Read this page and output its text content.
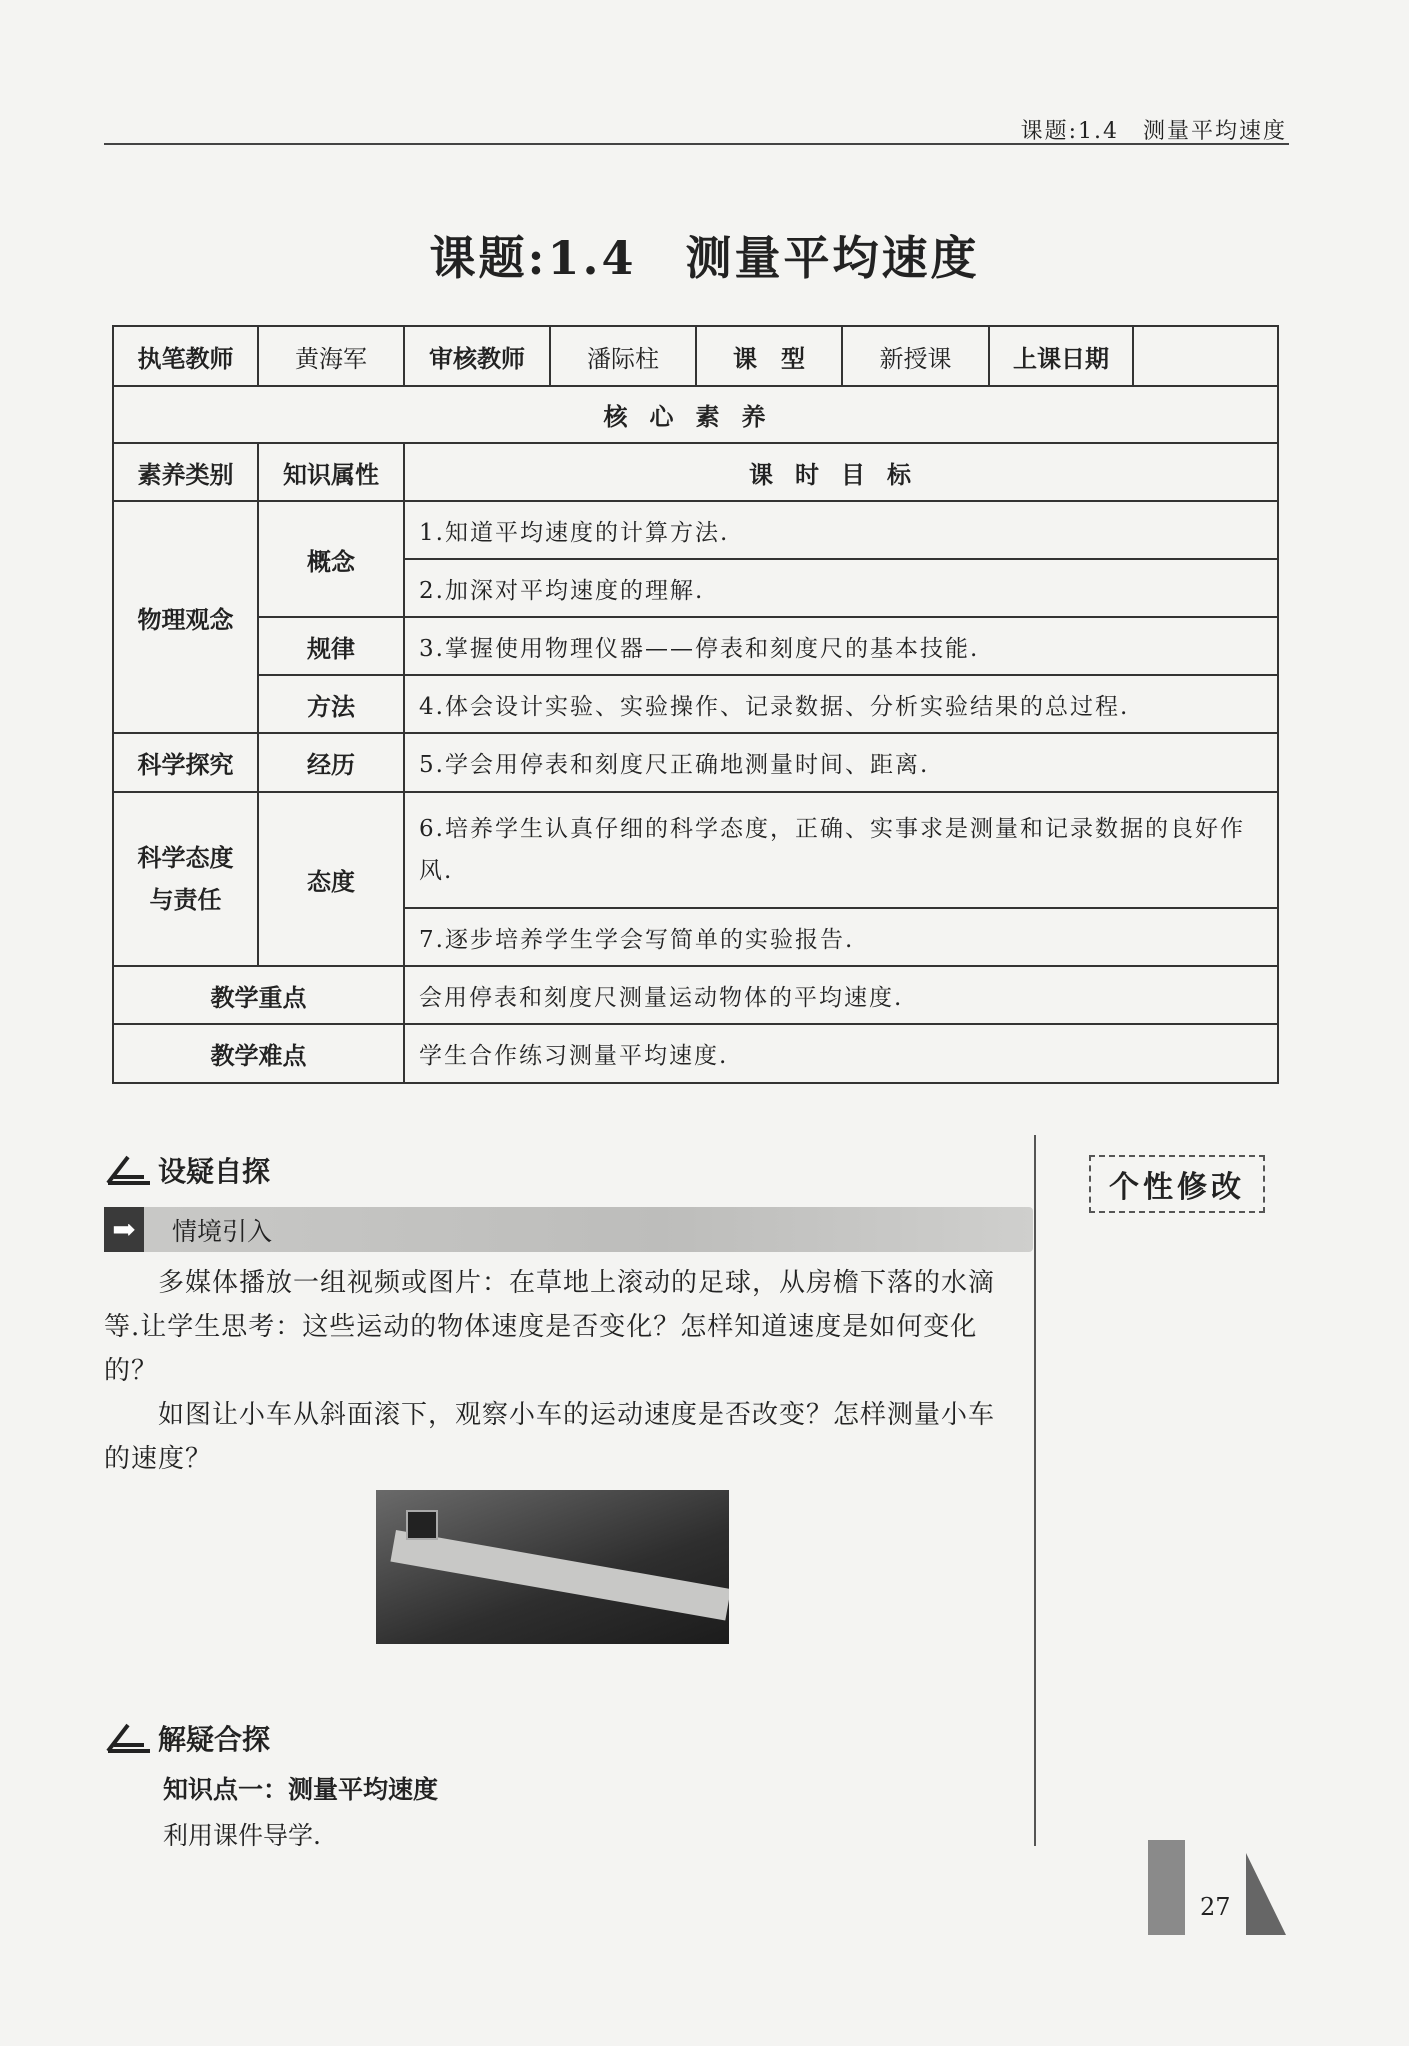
课题:1.4　测量平均速度
课题:1.4　测量平均速度
执笔教师	黄海军	审核教师	潘际柱	课　型	新授课	上课日期	
核心素养							
素养类别	知识属性	课时目标					
物理观念	概念	1.知道平均速度的计算方法.					
		2.加深对平均速度的理解.					
	规律	3.掌握使用物理仪器——停表和刻度尺的基本技能.					
	方法	4.体会设计实验、实验操作、记录数据、分析实验结果的总过程.					
科学探究	经历	5.学会用停表和刻度尺正确地测量时间、距离.					
科学态度与责任	态度	6.培养学生认真仔细的科学态度，正确、实事求是测量和记录数据的良好作风.					
		7.逐步培养学生学会写简单的实验报告.					
教学重点		会用停表和刻度尺测量运动物体的平均速度.					
教学难点		学生合作练习测量平均速度.					
设疑自探
➡	情境引入

多媒体播放一组视频或图片：在草地上滚动的足球，从房檐下落的水滴等.让学生思考：这些运动的物体速度是否变化？怎样知道速度是如何变化的？

如图让小车从斜面滚下，观察小车的运动速度是否改变？怎样测量小车的速度？

个性修改
解疑合探
知识点一：测量平均速度
利用课件导学.
27
